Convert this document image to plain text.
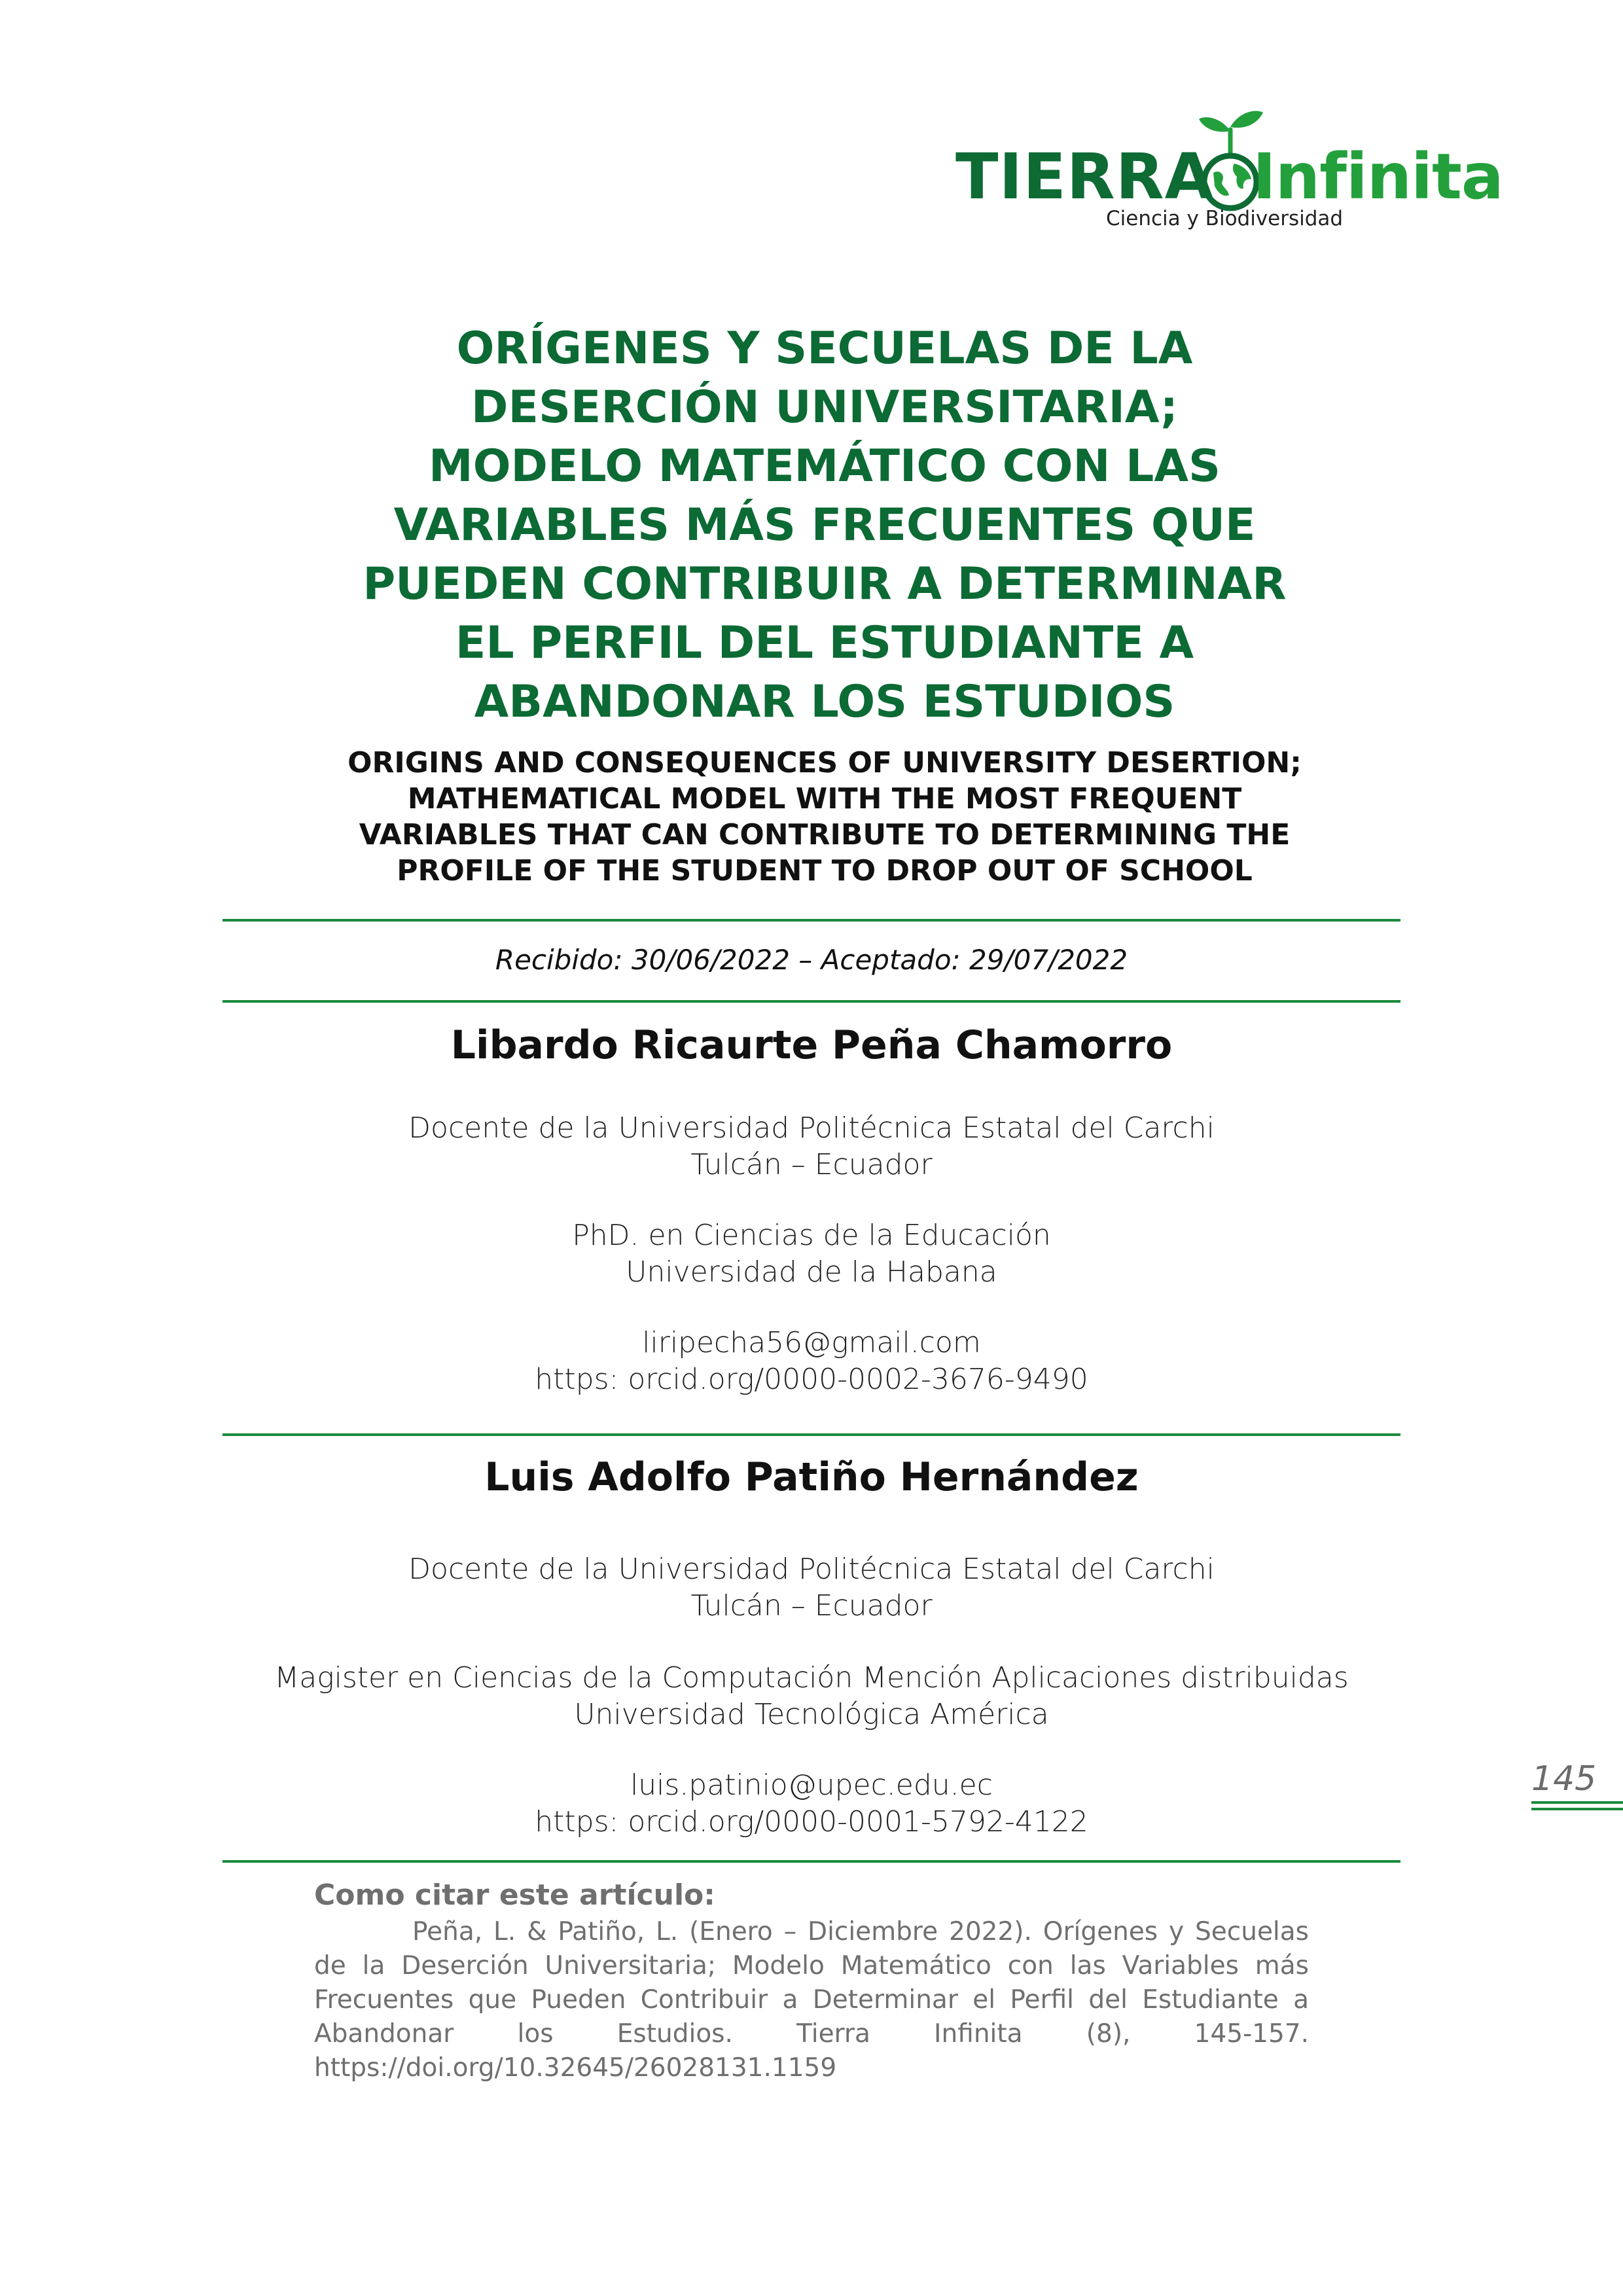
TIERRA Infinita
Ciencia y Biodiversidad
ORÍGENES Y SECUELAS DE LA
DESERCIÓN UNIVERSITARIA;
MODELO MATEMÁTICO CON LAS
VARIABLES MÁS FRECUENTES QUE
PUEDEN CONTRIBUIR A DETERMINAR
EL PERFIL DEL ESTUDIANTE A
ABANDONAR LOS ESTUDIOS
ORIGINS AND CONSEQUENCES OF UNIVERSITY DESERTION;
MATHEMATICAL MODEL WITH THE MOST FREQUENT
VARIABLES THAT CAN CONTRIBUTE TO DETERMINING THE
PROFILE OF THE STUDENT TO DROP OUT OF SCHOOL
Recibido: 30/06/2022 – Aceptado: 29/07/2022
Libardo Ricaurte Peña Chamorro
Docente de la Universidad Politécnica Estatal del Carchi
Tulcán – Ecuador
PhD. en Ciencias de la Educación
Universidad de la Habana
liripecha56@gmail.com
https: orcid.org/0000-0002-3676-9490
Luis Adolfo Patiño Hernández
Docente de la Universidad Politécnica Estatal del Carchi
Tulcán – Ecuador
Magister en Ciencias de la Computación Mención Aplicaciones distribuidas
Universidad Tecnológica América
luis.patinio@upec.edu.ec
https: orcid.org/0000-0001-5792-4122
145
Como citar este artículo:

Peña, L. & Patiño, L. (Enero – Diciembre 2022). Orígenes y Secuelas de la Deserción Universitaria; Modelo Matemático con las Variables más Frecuentes que Pueden Contribuir a Determinar el Perfil del Estudiante a Abandonar los Estudios. Tierra Infinita (8), 145-157. https://doi.org/10.32645/26028131.1159
